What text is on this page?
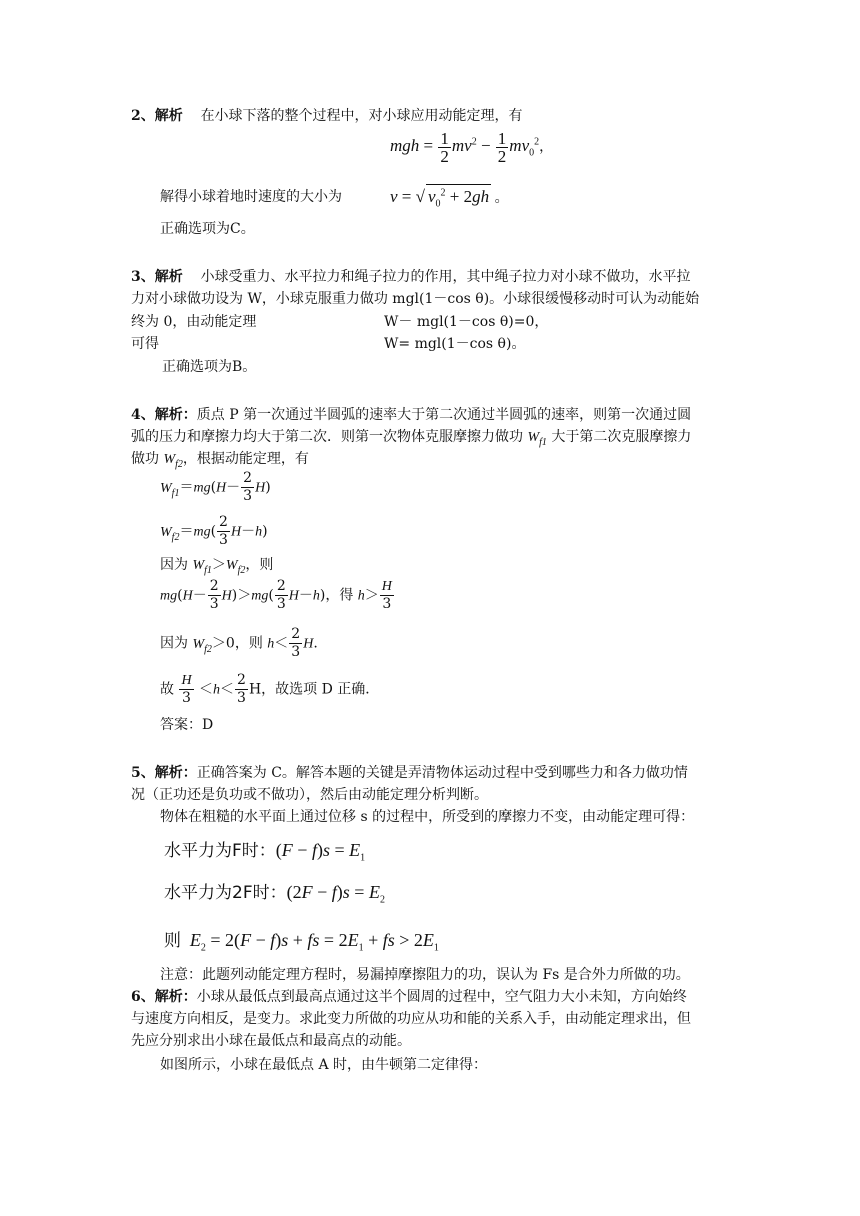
2、解析 在小球下落的整个过程中，对小球应用动能定理，有
mgh = $\frac{1}{2} mv^2 - \frac{1}{2} mv_0^2$，
解得小球着地时速度的大小为	v = √ $v_0^2 + 2gh$ 。
正确选项为C。
3、解析 小球受重力、水平拉力和绳子拉力的作用，其中绳子拉力对小球不做功，水平拉
力对小球做功设为 W，小球克服重力做功 mgl(1－cos θ)。小球很缓慢移动时可认为动能始
终为 0，由动能定理	W－ mgl(1－cos θ)=0，
可得	W= mgl(1－cos θ)。
正确选项为B。
4、解析：质点 P 第一次通过半圆弧的速率大于第二次通过半圆弧的速率，则第一次通过圆
弧的压力和摩擦力均大于第二次．则第一次物体克服摩擦力做功 $W_{f1}$ 大于第二次克服摩擦力
做功 $W_{f2}$，根据动能定理，有
$W_{f1}=mg(H- \frac{2}{3} H)$
$W_{f2}=mg( \frac{2}{3} H-h)$
因为 $W_{f1}>W_{f2}$，则
$mg(H- \frac{2}{3} H)>mg( \frac{2}{3} H-h)$，得 $h> \frac{H}{3}$
因为 $W_{f2}>0$，则 $h< \frac{2}{3} H$.
故 $\frac{H}{3} <h< \frac{2}{3}$ H，故选项 D 正确．
答案：D
5、解析：正确答案为 C。解答本题的关键是弄清物体运动过程中受到哪些力和各力做功情
况（正功还是负功或不做功），然后由动能定理分析判断。
物体在粗糙的水平面上通过位移 s 的过程中，所受到的摩擦力不变，由动能定理可得：
水平力为F时：$(F - f)s = E_1$
水平力为2F时：$(2F - f)s = E_2$
则 $E_2 = 2(F - f)s$ + fs = $2E_1$ + fs > $2E_1$
注意：此题列动能定理方程时，易漏掉摩擦阻力的功，误认为 Fs 是合外力所做的功。
6、解析：小球从最低点到最高点通过这半个圆周的过程中，空气阻力大小未知，方向始终
与速度方向相反，是变力。求此变力所做的功应从功和能的关系入手，由动能定理求出，但
先应分别求出小球在最低点和最高点的动能。
如图所示，小球在最低点 A 时，由牛顿第二定律得：
